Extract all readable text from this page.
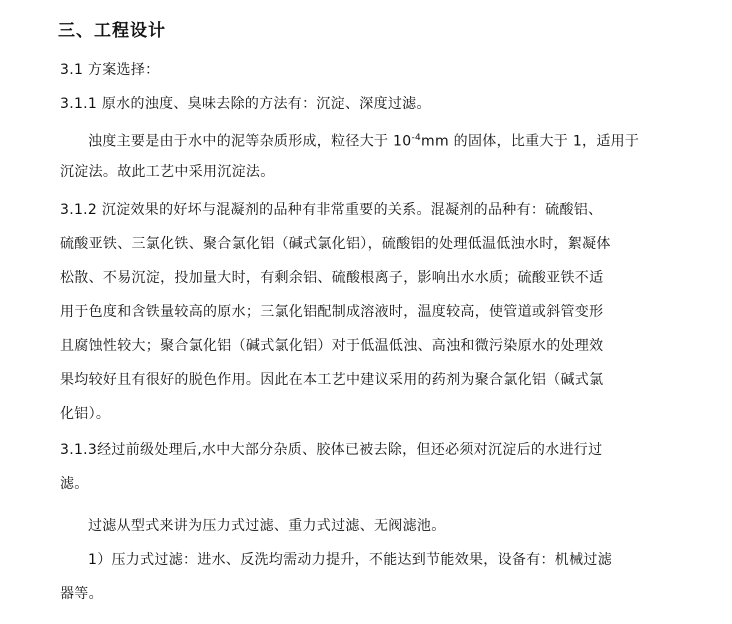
三、工程设计
3.1 方案选择：
3.1.1 原水的浊度、臭味去除的方法有：沉淀、深度过滤。
浊度主要是由于水中的泥等杂质形成，粒径大于 $10^{-4}mm$ 的固体，比重大于 1，适用于
沉淀法。故此工艺中采用沉淀法。
3.1.2 沉淀效果的好坏与混凝剂的品种有非常重要的关系。混凝剂的品种有：硫酸铝、
硫酸亚铁、三氯化铁、聚合氯化铝（碱式氯化铝），硫酸铝的处理低温低浊水时，絮凝体
松散、不易沉淀，投加量大时，有剩余铝、硫酸根离子，影响出水水质；硫酸亚铁不适
用于色度和含铁量较高的原水；三氯化铝配制成溶液时，温度较高，使管道或斜管变形
且腐蚀性较大；聚合氯化铝（碱式氯化铝）对于低温低浊、高浊和微污染原水的处理效
果均较好且有很好的脱色作用。因此在本工艺中建议采用的药剂为聚合氯化铝（碱式氯
化铝）。
3.1.3经过前级处理后,水中大部分杂质、胶体已被去除，但还必须对沉淀后的水进行过
滤。
过滤从型式来讲为压力式过滤、重力式过滤、无阀滤池。
1）压力式过滤：进水、反洗均需动力提升，不能达到节能效果，设备有：机械过滤
器等。
